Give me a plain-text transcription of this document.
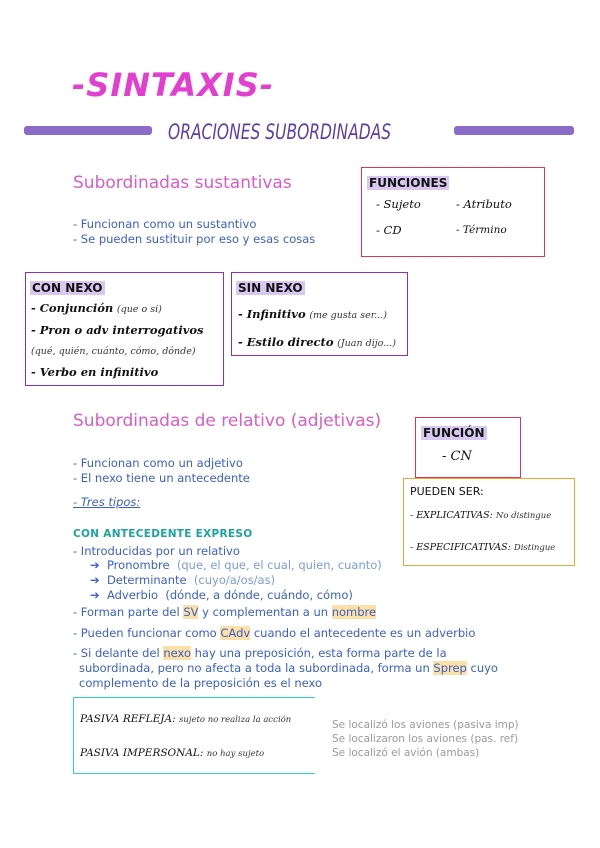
-SINTAXIS-
ORACIONES SUBORDINADAS
Subordinadas sustantivas
- Funcionan como un sustantivo
- Se pueden sustituir por eso y esas cosas
FUNCIONES
- Sujeto	- Atributo
- CD	- Término
CON NEXO
- Conjunción (que o si)
- Pron o adv interrogativos
(qué, quién, cuánto, cómo, dónde)
- Verbo en infinitivo
SIN NEXO
- Infinitivo (me gusta ser...)
- Estilo directo (Juan dijo...)
Subordinadas de relativo (adjetivas)
FUNCIÓN
- CN
PUEDEN SER:
- EXPLICATIVAS: No distingue
- ESPECIFICATIVAS: Distingue
- Funcionan como un adjetivo
- El nexo tiene un antecedente
- Tres tipos:
CON ANTECEDENTE EXPRESO
- Introducidas por un relativo
➔  Pronombre (que, el que, el cual, quien, cuanto)
➔  Determinante (cuyo/a/os/as)
➔  Adverbio (dónde, a dónde, cuándo, cómo)
- Forman parte del SV y complementan a un nombre
- Pueden funcionar como CAdv cuando el antecedente es un adverbio
- Si delante del nexo hay una preposición, esta forma parte de la
subordinada, pero no afecta a toda la subordinada, forma un Sprep cuyo
complemento de la preposición es el nexo
PASIVA REFLEJA: sujeto no realiza la acción
PASIVA IMPERSONAL: no hay sujeto
Se localizó los aviones (pasiva imp)
Se localizaron los aviones (pas. ref)
Se localizó el avión (ambas)
